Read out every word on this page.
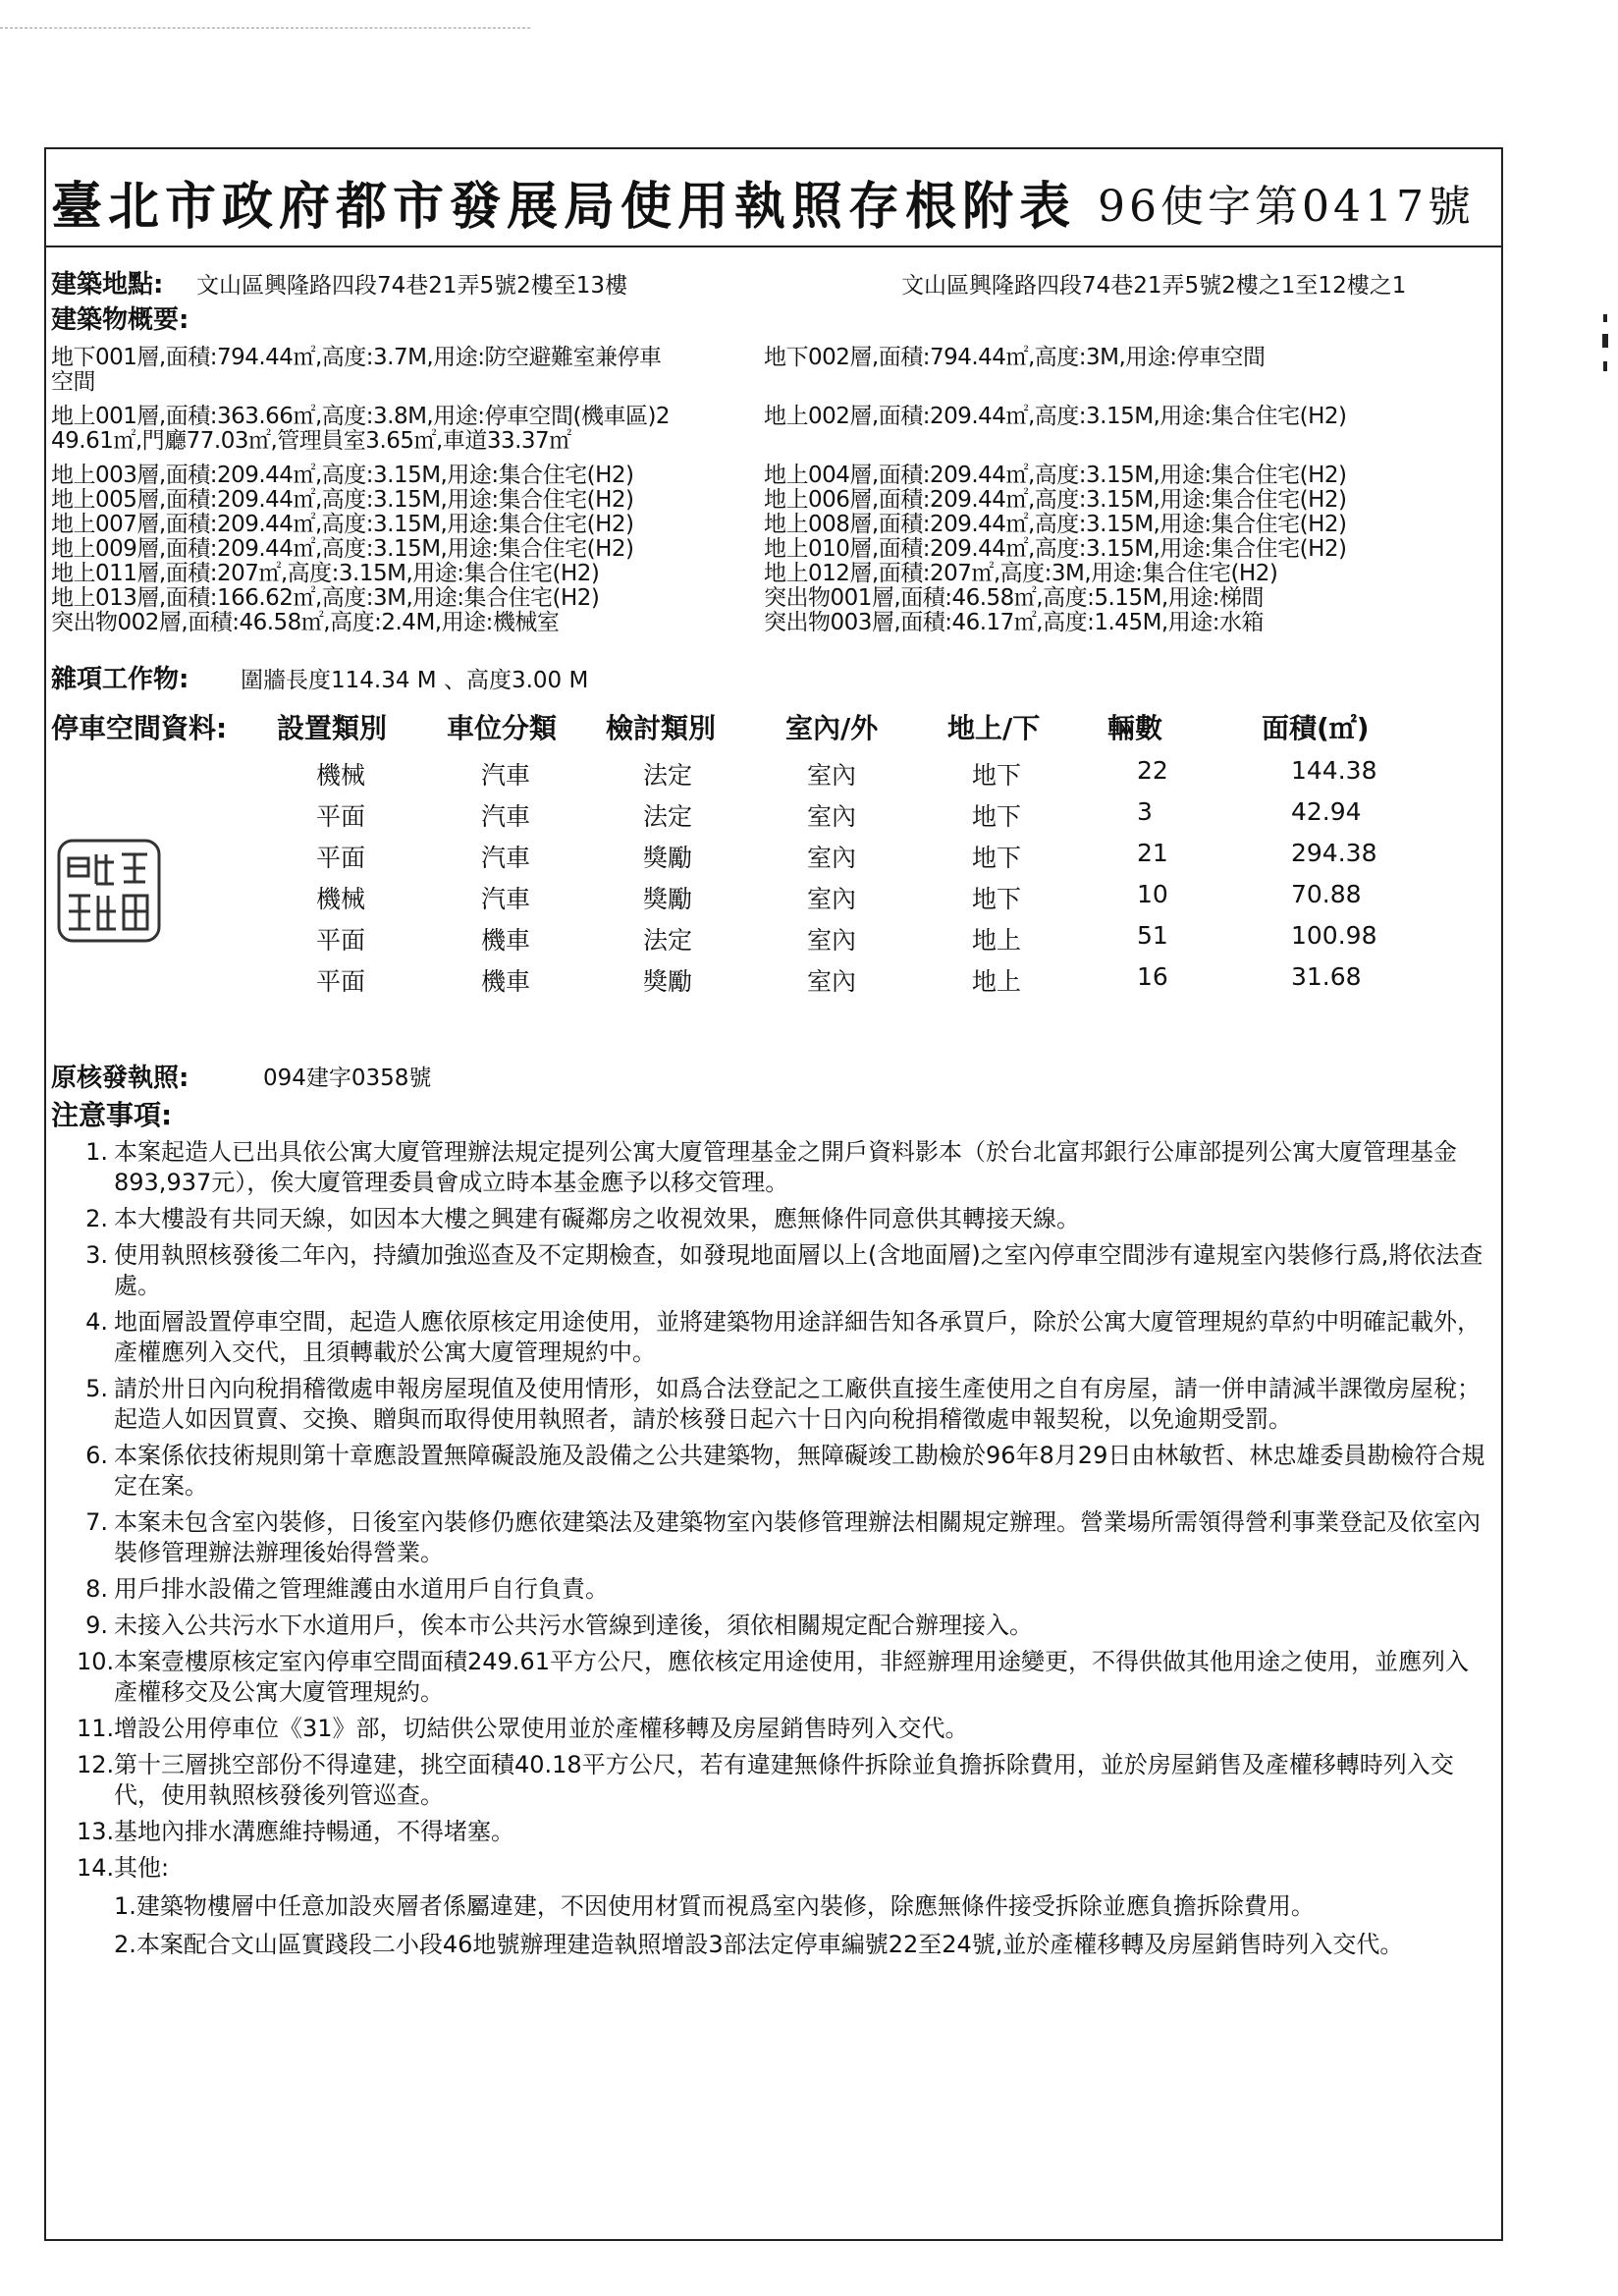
臺北市政府都市發展局使用執照存根附表 96使字第0417號
建築地點: 文山區興隆路四段74巷21弄5號2樓至13樓	文山區興隆路四段74巷21弄5號2樓之1至12樓之1
建築物概要:
地下001層,面積:794.44㎡,高度:3.7M,用途:防空避難室兼停車	地下002層,面積:794.44㎡,高度:3M,用途:停車空間
空間
地上001層,面積:363.66㎡,高度:3.8M,用途:停車空間(機車區)2	地上002層,面積:209.44㎡,高度:3.15M,用途:集合住宅(H2)
49.61㎡,門廳77.03㎡,管理員室3.65㎡,車道33.37㎡
地上003層,面積:209.44㎡,高度:3.15M,用途:集合住宅(H2)	地上004層,面積:209.44㎡,高度:3.15M,用途:集合住宅(H2)
地上005層,面積:209.44㎡,高度:3.15M,用途:集合住宅(H2)	地上006層,面積:209.44㎡,高度:3.15M,用途:集合住宅(H2)
地上007層,面積:209.44㎡,高度:3.15M,用途:集合住宅(H2)	地上008層,面積:209.44㎡,高度:3.15M,用途:集合住宅(H2)
地上009層,面積:209.44㎡,高度:3.15M,用途:集合住宅(H2)	地上010層,面積:209.44㎡,高度:3.15M,用途:集合住宅(H2)
地上011層,面積:207㎡,高度:3.15M,用途:集合住宅(H2)	地上012層,面積:207㎡,高度:3M,用途:集合住宅(H2)
地上013層,面積:166.62㎡,高度:3M,用途:集合住宅(H2)	突出物001層,面積:46.58㎡,高度:5.15M,用途:梯間
突出物002層,面積:46.58㎡,高度:2.4M,用途:機械室	突出物003層,面積:46.17㎡,高度:1.45M,用途:水箱
雜項工作物: 圍牆長度114.34 M 、高度3.00 M
停車空間資料: 設置類別 車位分類 檢討類別	室內/外	地上/下 輛數	面積(㎡)
機械	汽車	法定	室內	地下	22	144.38
平面	汽車	法定	室內	地下	3	42.94
平面	汽車	獎勵	室內	地下	21	294.38
機械	汽車	獎勵	室內	地下	10	70.88
平面	機車	法定	室內	地上	51	100.98
平面	機車	獎勵	室內	地上	16	31.68
原核發執照:	094建字0358號
注意事項:
1. 本案起造人已出具依公寓大廈管理辦法規定提列公寓大廈管理基金之開戶資料影本（於台北富邦銀行公庫部提列公寓大廈管理基金893,937元），俟大廈管理委員會成立時本基金應予以移交管理。
2. 本大樓設有共同天線，如因本大樓之興建有礙鄰房之收視效果，應無條件同意供其轉接天線。
3. 使用執照核發後二年內，持續加強巡查及不定期檢查，如發現地面層以上(含地面層)之室內停車空間涉有違規室內裝修行爲,將依法查處。
4. 地面層設置停車空間，起造人應依原核定用途使用，並將建築物用途詳細告知各承買戶，除於公寓大廈管理規約草約中明確記載外，產權應列入交代，且須轉載於公寓大廈管理規約中。
5. 請於卅日內向稅捐稽徵處申報房屋現值及使用情形，如爲合法登記之工廠供直接生產使用之自有房屋，請一併申請減半課徵房屋稅；起造人如因買賣、交換、贈與而取得使用執照者，請於核發日起六十日內向稅捐稽徵處申報契稅，以免逾期受罰。
6. 本案係依技術規則第十章應設置無障礙設施及設備之公共建築物，無障礙竣工勘檢於96年8月29日由林敏哲、林忠雄委員勘檢符合規定在案。
7. 本案未包含室內裝修，日後室內裝修仍應依建築法及建築物室內裝修管理辦法相關規定辦理。營業場所需領得營利事業登記及依室內裝修管理辦法辦理後始得營業。
8. 用戶排水設備之管理維護由水道用戶自行負責。
9. 未接入公共污水下水道用戶，俟本市公共污水管線到達後，須依相關規定配合辦理接入。
10. 本案壹樓原核定室內停車空間面積249.61平方公尺，應依核定用途使用，非經辦理用途變更，不得供做其他用途之使用，並應列入產權移交及公寓大廈管理規約。
11. 增設公用停車位《31》部，切結供公眾使用並於產權移轉及房屋銷售時列入交代。
12. 第十三層挑空部份不得違建，挑空面積40.18平方公尺，若有違建無條件拆除並負擔拆除費用，並於房屋銷售及產權移轉時列入交代，使用執照核發後列管巡查。
13. 基地內排水溝應維持暢通，不得堵塞。
14. 其他:
1.建築物樓層中任意加設夾層者係屬違建，不因使用材質而視爲室內裝修，除應無條件接受拆除並應負擔拆除費用。
2.本案配合文山區實踐段二小段46地號辦理建造執照增設3部法定停車編號22至24號,並於產權移轉及房屋銷售時列入交代。
